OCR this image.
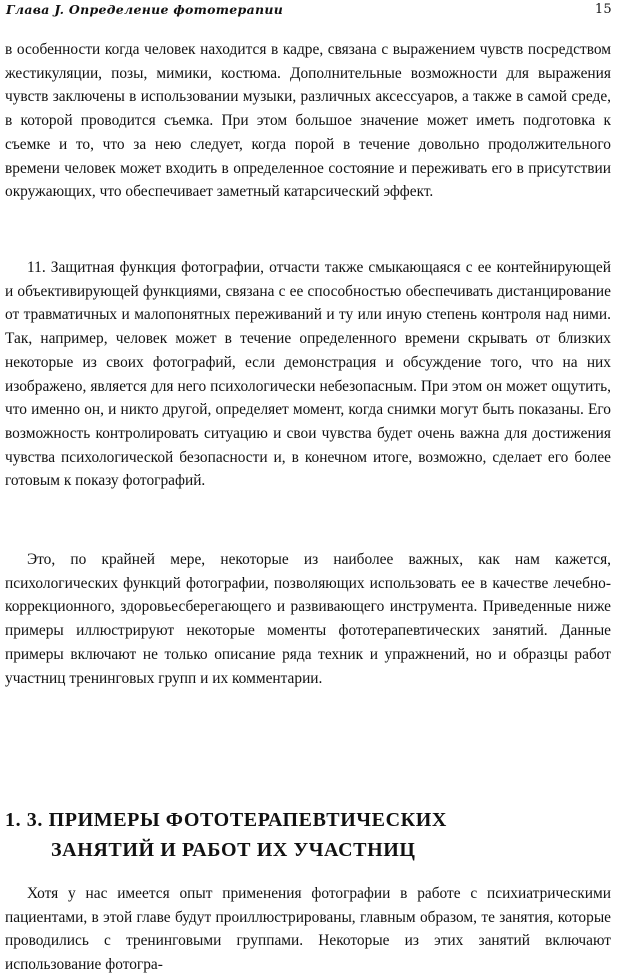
Глава J. Определение фототерапии	15
в особенности когда человек находится в кадре, связана с выражением чувств посредством жестикуляции, позы, мимики, костюма. Дополнительные возможности для выражения чувств заключены в использовании музыки, различных аксессуаров, а также в самой среде, в которой проводится съемка. При этом большое значение может иметь подготовка к съемке и то, что за нею следует, когда порой в течение довольно продолжительного времени человек может входить в определенное состояние и переживать его в присутствии окружающих, что обеспечивает заметный катарсический эффект.
11. Защитная функция фотографии, отчасти также смыкающаяся с ее контейнирующей и объективирующей функциями, связана с ее способностью обеспечивать дистанцирование от травматичных и малопонятных переживаний и ту или иную степень контроля над ними. Так, например, человек может в течение определенного времени скрывать от близких некоторые из своих фотографий, если демонстрация и обсуждение того, что на них изображено, является для него психологически небезопасным. При этом он может ощутить, что именно он, и никто другой, определяет момент, когда снимки могут быть показаны. Его возможность контролировать ситуацию и свои чувства будет очень важна для достижения чувства психологической безопасности и, в конечном итоге, возможно, сделает его более готовым к показу фотографий.
Это, по крайней мере, некоторые из наиболее важных, как нам кажется, психологических функций фотографии, позволяющих использовать ее в качестве лечебно-коррекционного, здоровьесберегающего и развивающего инструмента. Приведенные ниже примеры иллюстрируют некоторые моменты фототерапевтических занятий. Данные примеры включают не только описание ряда техник и упражнений, но и образцы работ участниц тренинговых групп и их комментарии.
1. 3. ПРИМЕРЫ ФОТОТЕРАПЕВТИЧЕСКИХ
ЗАНЯТИЙ И РАБОТ ИХ УЧАСТНИЦ
Хотя у нас имеется опыт применения фотографии в работе с психиатрическими пациентами, в этой главе будут проиллюстрированы, главным образом, те занятия, которые проводились с тренинговыми группами. Некоторые из этих занятий включают использование фотогра-
